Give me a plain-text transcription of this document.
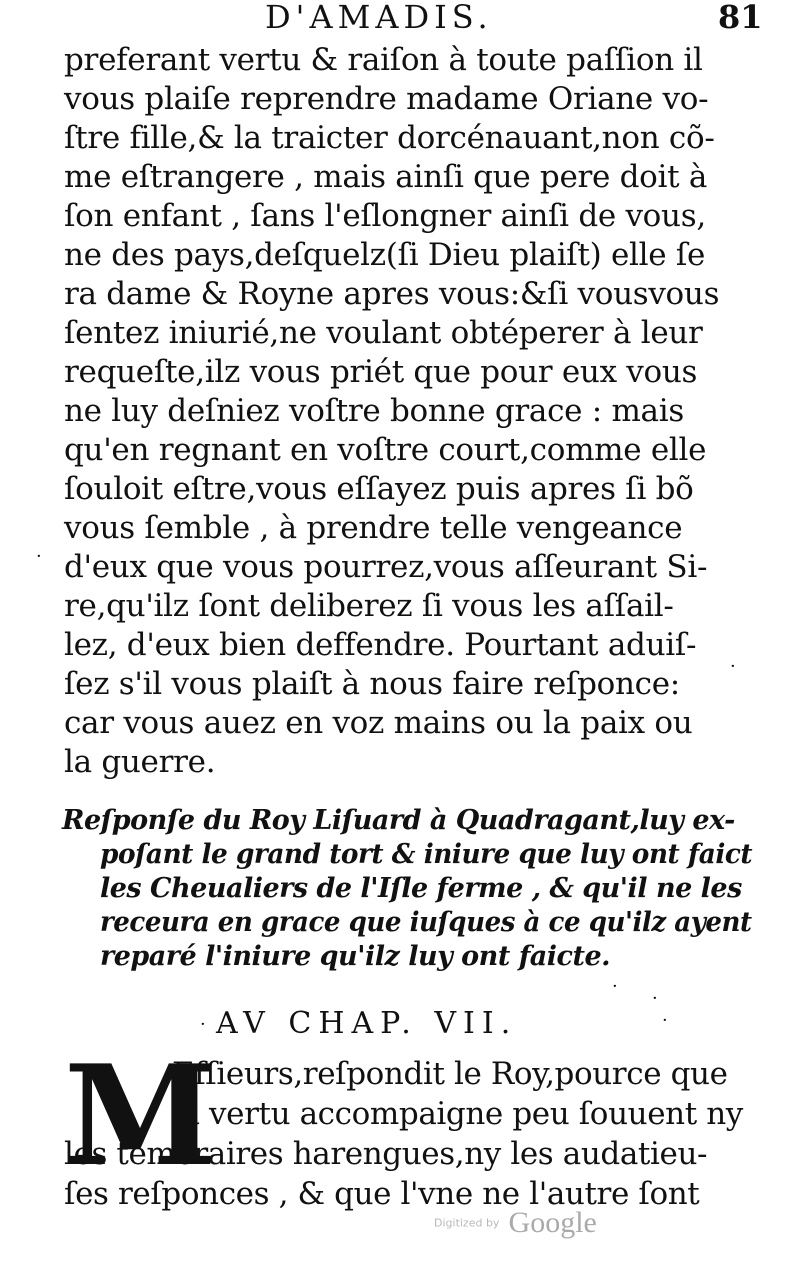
D'AMADIS.	81
preferant vertu & raiſon à toute paſſion il
vous plaiſe reprendre madame Oriane vo-
ſtre fille,& la traicter dorcénauant,non cõ-
me eſtrangere , mais ainſi que pere doit à
ſon enfant , ſans l'eſlongner ainſi de vous,
ne des pays,deſquelz(ſi Dieu plaiſt) elle ſe
ra dame & Royne apres vous:&ſi vousvous
ſentez iniurié,ne voulant obtéperer à leur
requeſte,ilz vous priét que pour eux vous
ne luy deſniez voſtre bonne grace : mais
qu'en regnant en voſtre court,comme elle
ſouloit eſtre,vous eſſayez puis apres ſi bõ
vous ſemble , à prendre telle vengeance
d'eux que vous pourrez,vous aſſeurant Si-
re,qu'ilz ſont deliberez ſi vous les aſſail-
lez, d'eux bien deffendre. Pourtant aduiſ-
ſez s'il vous plaiſt à nous faire reſponce:
car vous auez en voz mains ou la paix ou
la guerre.
Reſponſe du Roy Liſuard à Quadragant,luy ex-
poſant le grand tort & iniure que luy ont faict
les Cheualiers de l'Iſle ferme , & qu'il ne les
receura en grace que iuſques à ce qu'ilz ayent
reparé l'iniure qu'ilz luy ont faicte.
AV CHAP. VII.
M
Eſſieurs,reſpondit le Roy,pource que
la vertu accompaigne peu ſouuent ny
les temeraires harengues,ny les audatieu-
ſes reſponces , & que l'vne ne l'autre ſont
·
·
·
·
·
·
Digitized by Google
